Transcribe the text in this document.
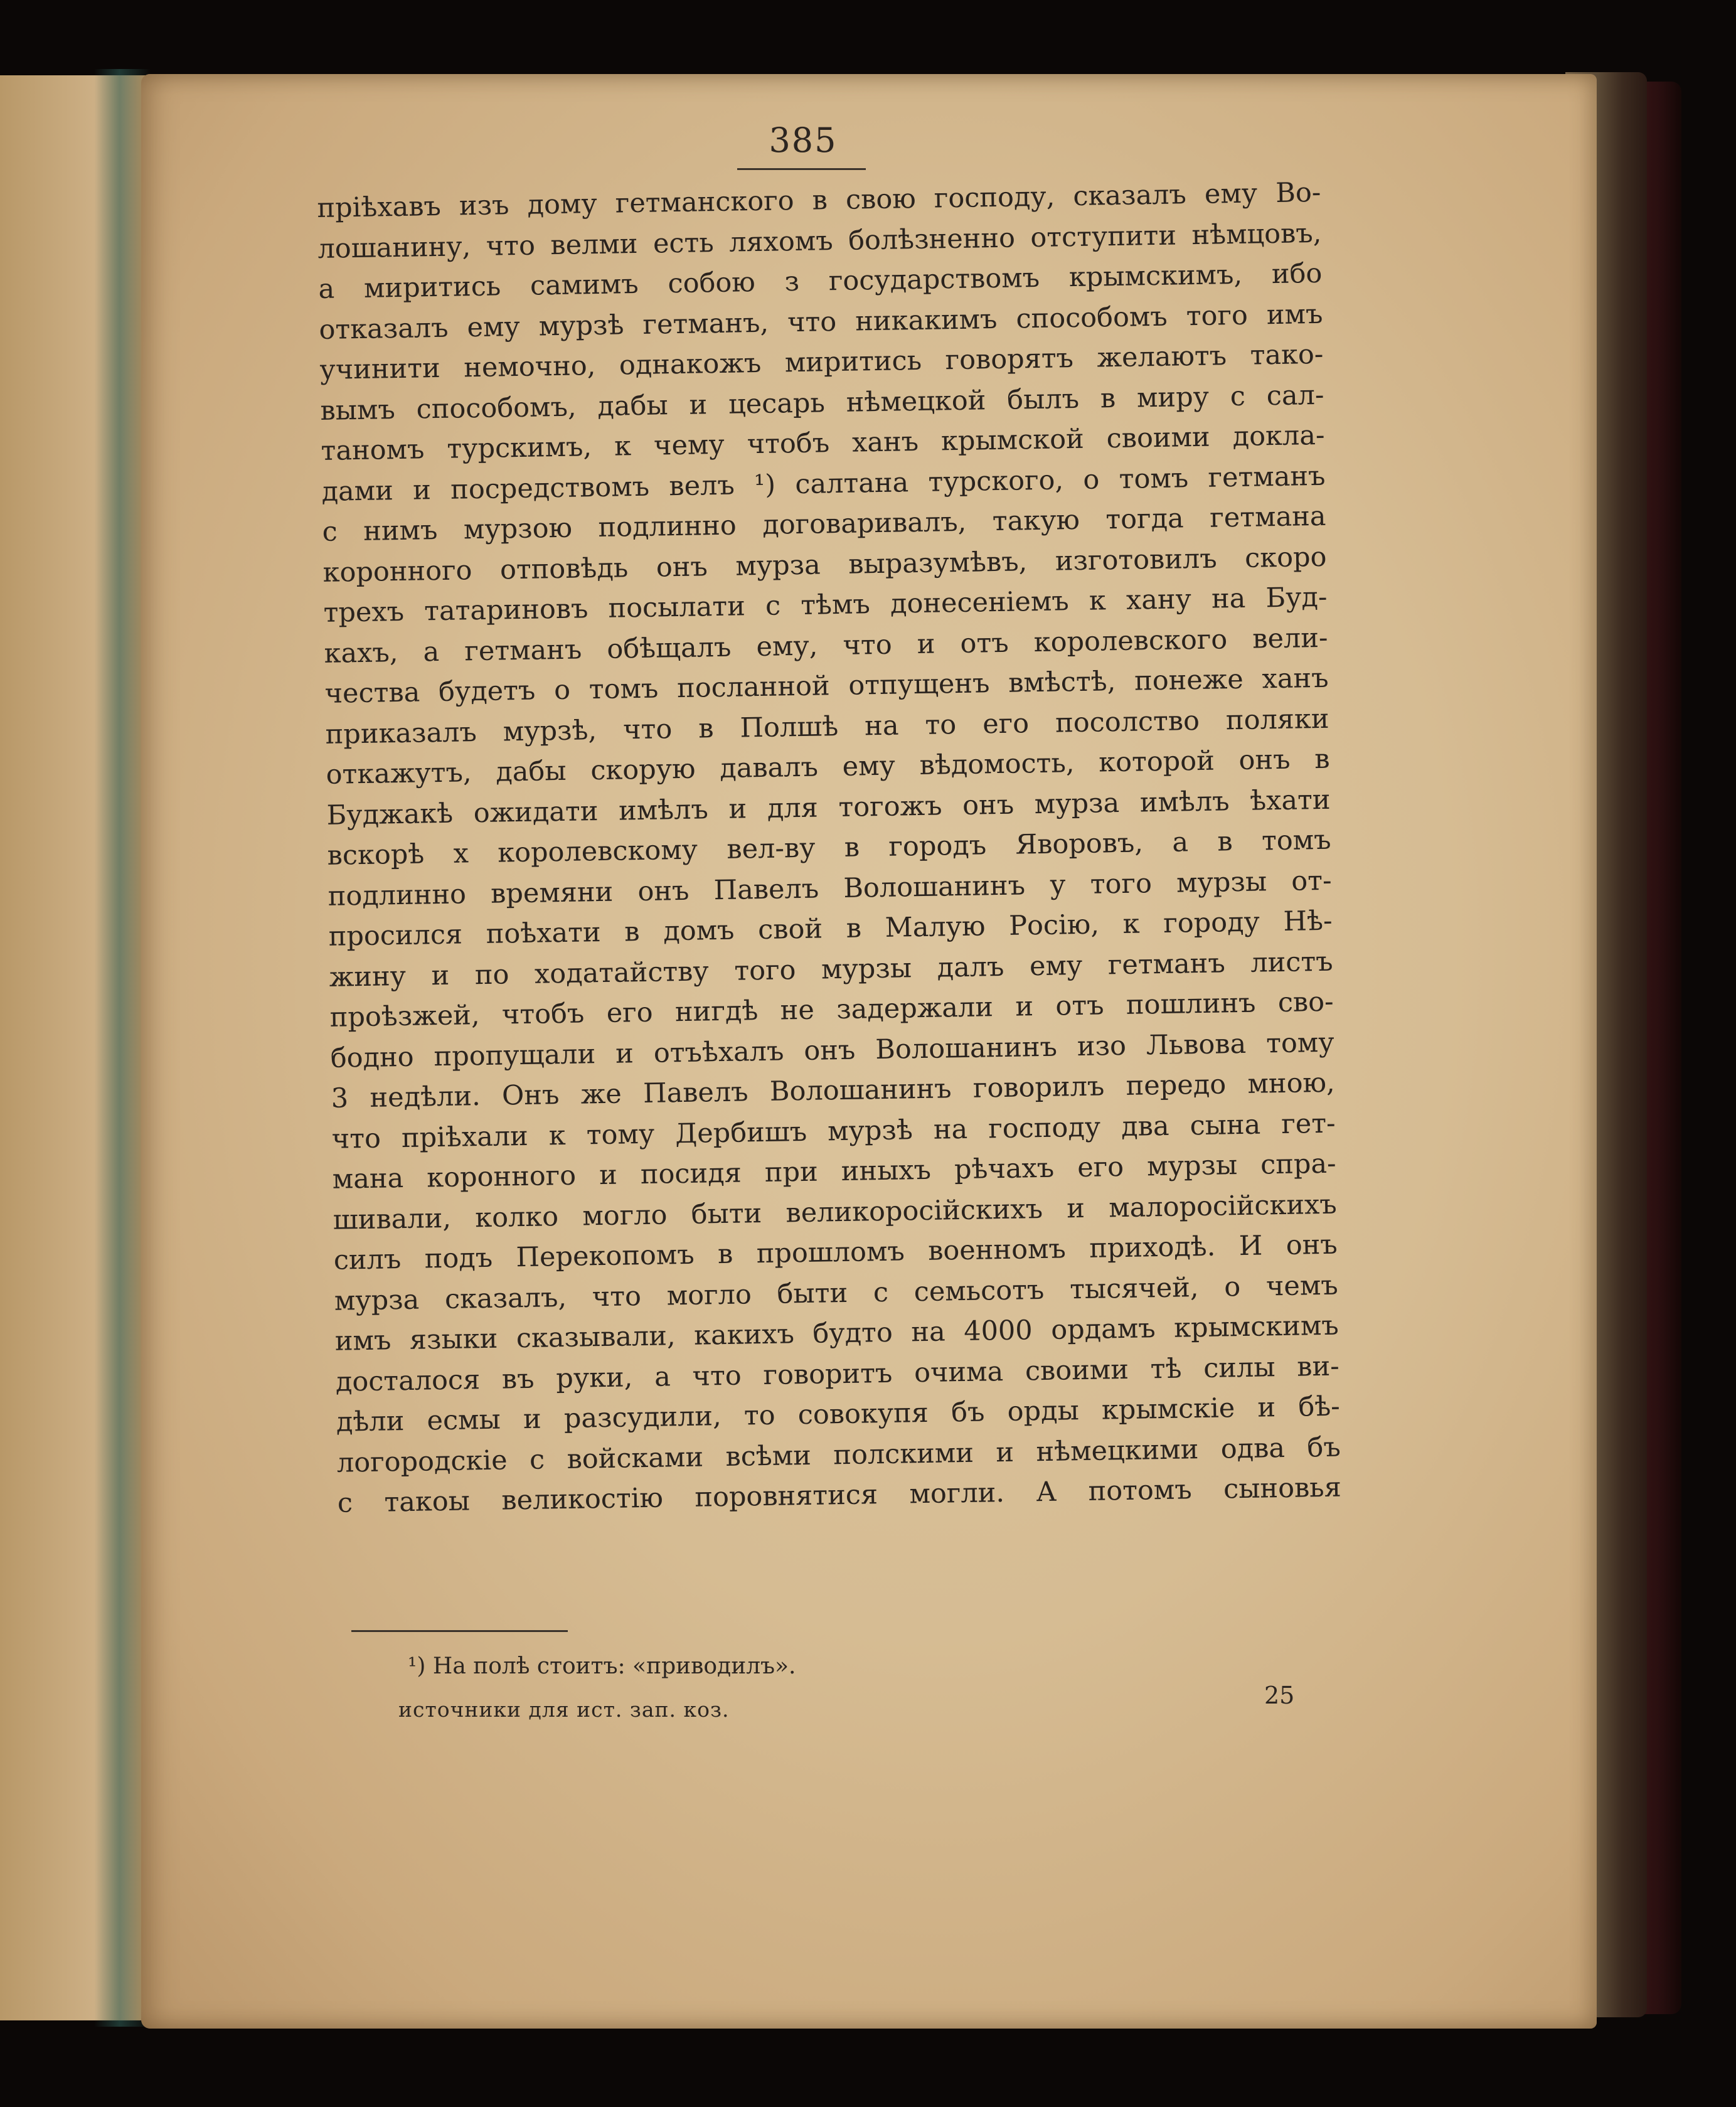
385
прiѣхавъ изъ дому гетманского в свою господу, сказалъ ему Во-
лошанину, что велми есть ляхомъ болѣзненно отступити нѣмцовъ,
а миритись самимъ собою з государствомъ крымскимъ, ибо
отказалъ ему мурзѣ гетманъ, что никакимъ способомъ того имъ
учинити немочно, однакожъ миритись говорятъ желаютъ тако-
вымъ способомъ, дабы и цесарь нѣмецкой былъ в миру с сал-
таномъ турскимъ, к чему чтобъ ханъ крымской своими докла-
дами и посредствомъ велъ ¹) салтана турского, о томъ гетманъ
с нимъ мурзою подлинно договаривалъ, такую тогда гетмана
коронного отповѣдь онъ мурза выразумѣвъ, изготовилъ скоро
трехъ татариновъ посылати с тѣмъ донесенiемъ к хану на Буд-
кахъ, а гетманъ обѣщалъ ему, что и отъ королевского вели-
чества будетъ о томъ посланной отпущенъ вмѣстѣ, понеже ханъ
приказалъ мурзѣ, что в Полшѣ на то его посолство поляки
откажутъ, дабы скорую давалъ ему вѣдомость, которой онъ в
Буджакѣ ожидати имѣлъ и для тогожъ онъ мурза имѣлъ ѣхати
вскорѣ х королевскому вел-ву в городъ Яворовъ, а в томъ
подлинно времяни онъ Павелъ Волошанинъ у того мурзы от-
просился поѣхати в домъ свой в Малую Росiю, к городу Нѣ-
жину и по ходатайству того мурзы далъ ему гетманъ листъ
проѣзжей, чтобъ его нигдѣ не задержали и отъ пошлинъ сво-
бодно пропущали и отъѣхалъ онъ Волошанинъ изо Львова тому
3 недѣли. Онъ же Павелъ Волошанинъ говорилъ передо мною,
что прiѣхали к тому Дербишъ мурзѣ на господу два сына гет-
мана коронного и посидя при иныхъ рѣчахъ его мурзы спра-
шивали, колко могло быти великоросiйскихъ и малоросiйскихъ
силъ подъ Перекопомъ в прошломъ военномъ приходѣ. И онъ
мурза сказалъ, что могло быти с семьсотъ тысячей, о чемъ
имъ языки сказывали, какихъ будто на 4000 ордамъ крымскимъ
досталося въ руки, а что говоритъ очима своими тѣ силы ви-
дѣли есмы и разсудили, то совокупя бъ орды крымскiе и бѣ-
логородскiе с войсками всѣми полскими и нѣмецкими одва бъ
с такоы великостiю поровнятися могли. А потомъ сыновья
¹) На полѣ стоитъ: «приводилъ».
источники для ист. зап. коз.
25
